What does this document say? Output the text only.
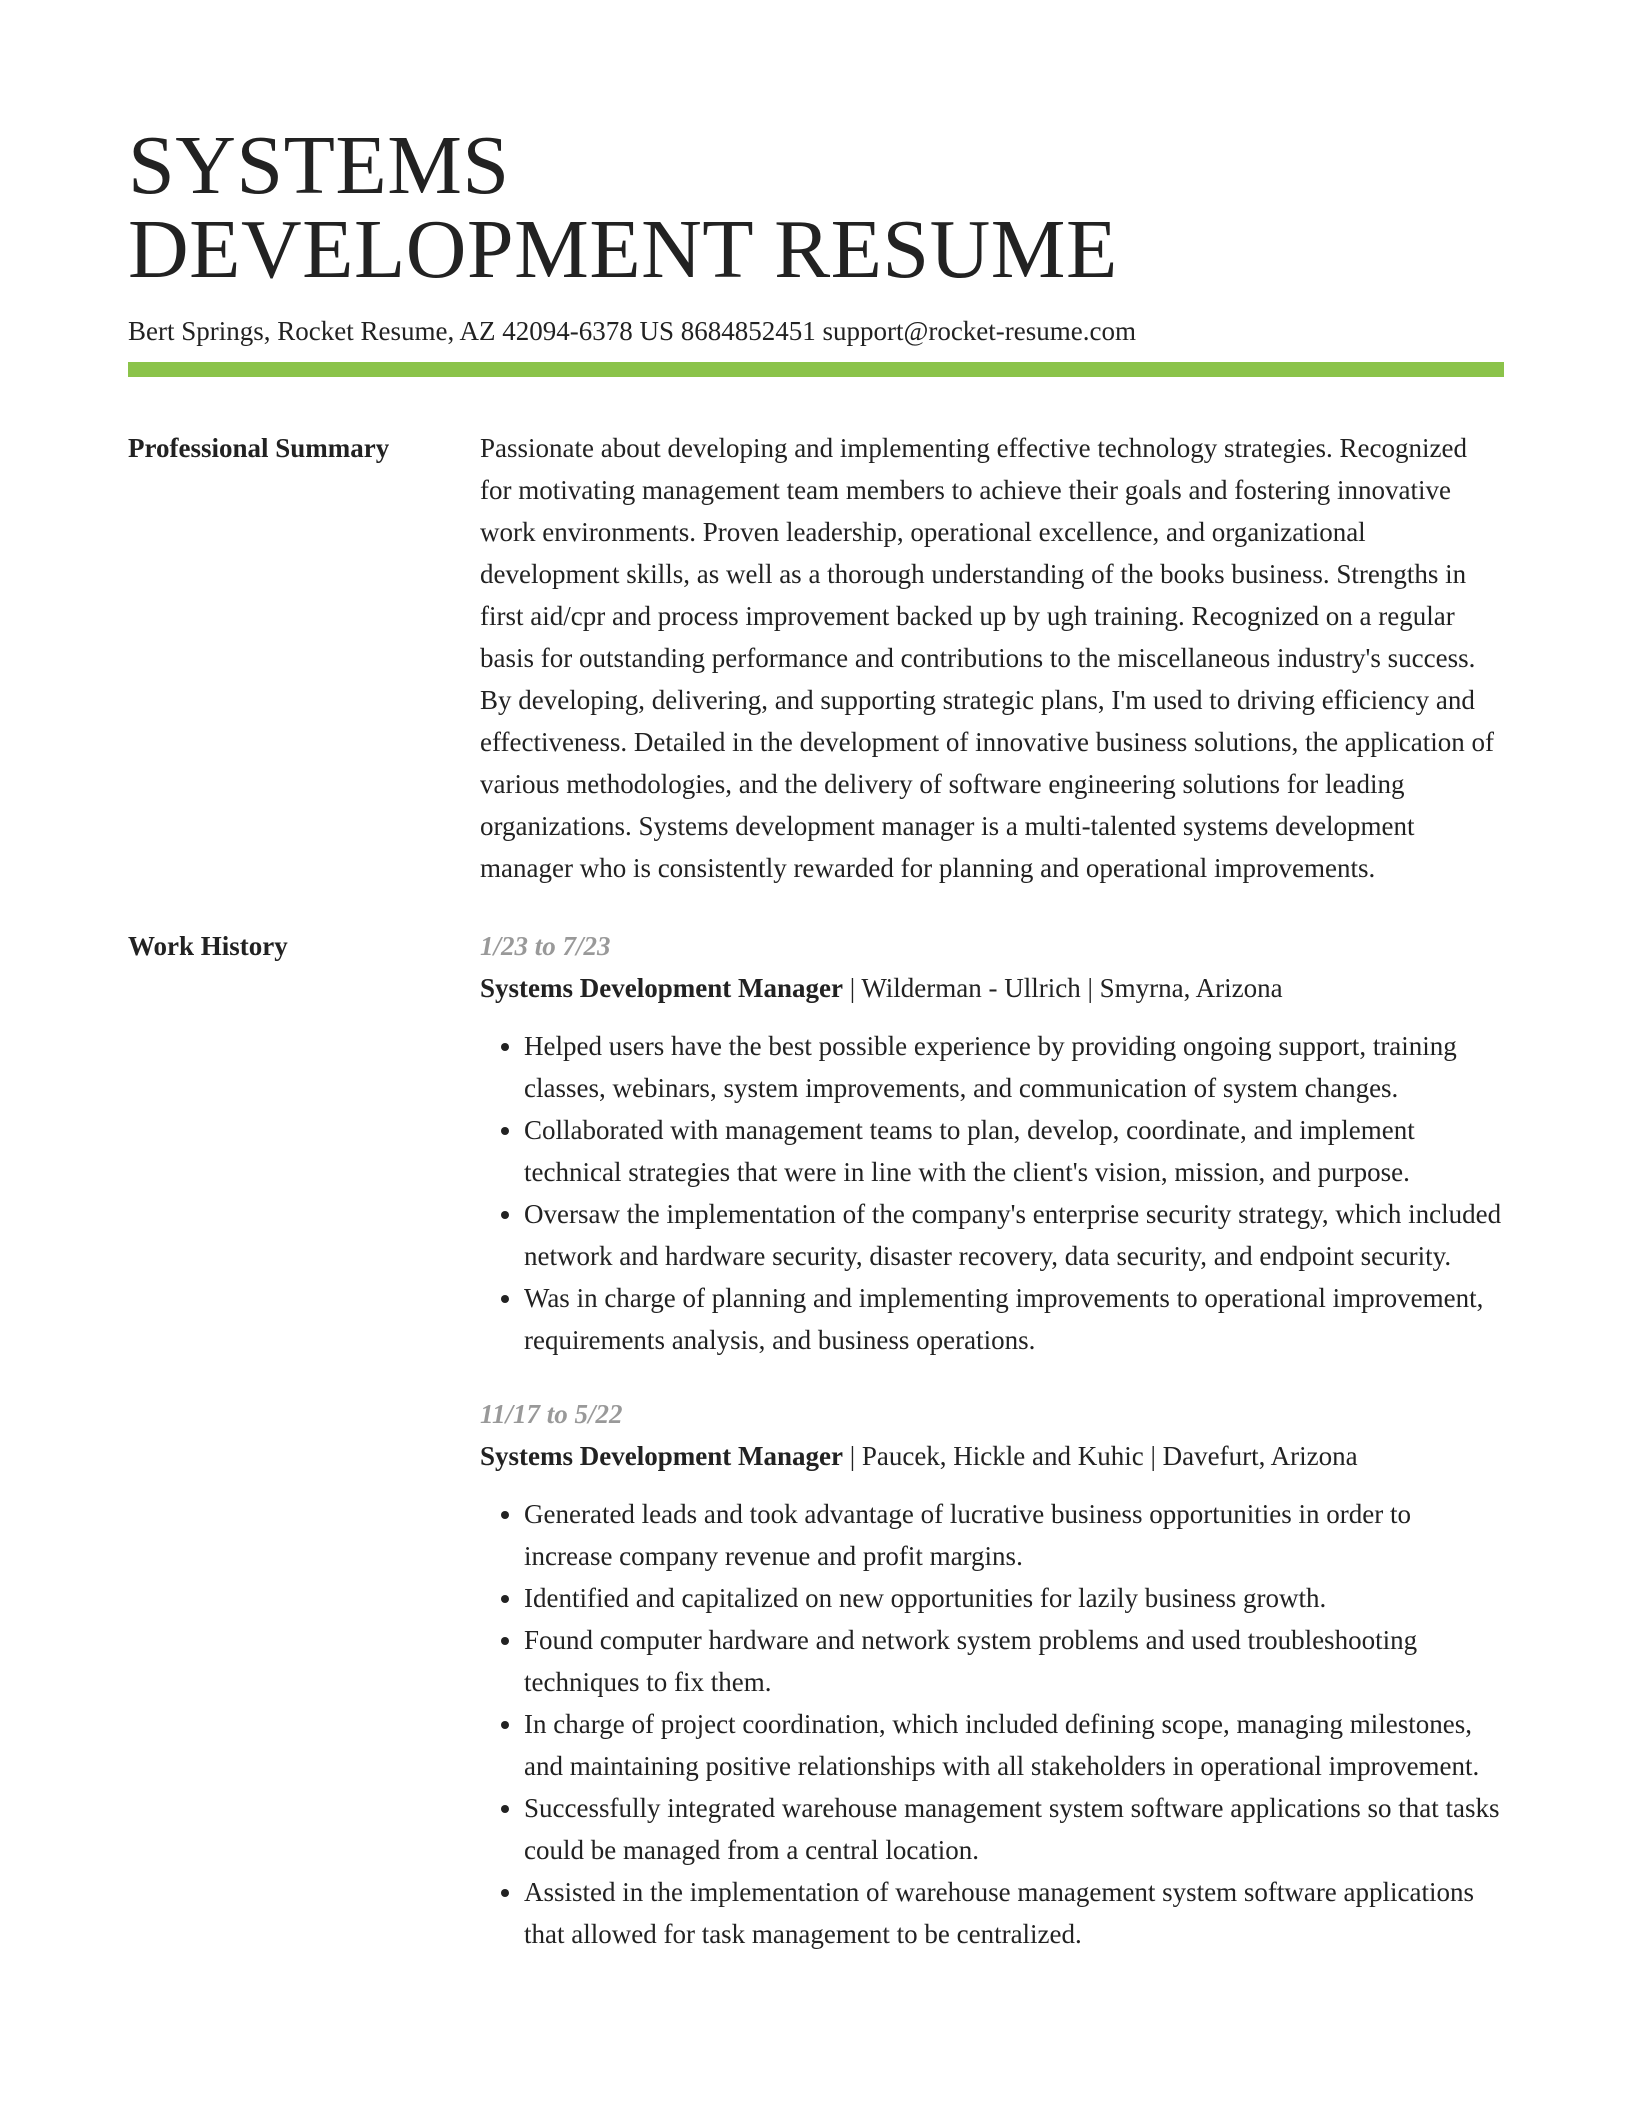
SYSTEMS
DEVELOPMENT RESUME
Bert Springs, Rocket Resume, AZ 42094-6378 US 8684852451 support@rocket-resume.com
Professional Summary	Passionate about developing and implementing effective technology strategies. Recognized for motivating management team members to achieve their goals and fostering innovative work environments. Proven leadership, operational excellence, and organizational development skills, as well as a thorough understanding of the books business. Strengths in first aid/cpr and process improvement backed up by ugh training. Recognized on a regular basis for outstanding performance and contributions to the miscellaneous industry's success. By developing, delivering, and supporting strategic plans, I'm used to driving efficiency and effectiveness. Detailed in the development of innovative business solutions, the application of various methodologies, and the delivery of software engineering solutions for leading organizations. Systems development manager is a multi-talented systems development manager who is consistently rewarded for planning and operational improvements.

Work History	1/23 to 7/23
Systems Development Manager | Wilderman - Ullrich | Smyrna, Arizona
• Helped users have the best possible experience by providing ongoing support, training classes, webinars, system improvements, and communication of system changes.
• Collaborated with management teams to plan, develop, coordinate, and implement technical strategies that were in line with the client's vision, mission, and purpose.
• Oversaw the implementation of the company's enterprise security strategy, which included network and hardware security, disaster recovery, data security, and endpoint security.
• Was in charge of planning and implementing improvements to operational improvement, requirements analysis, and business operations.
11/17 to 5/22
Systems Development Manager | Paucek, Hickle and Kuhic | Davefurt, Arizona
• Generated leads and took advantage of lucrative business opportunities in order to increase company revenue and profit margins.
• Identified and capitalized on new opportunities for lazily business growth.
• Found computer hardware and network system problems and used troubleshooting techniques to fix them.
• In charge of project coordination, which included defining scope, managing milestones, and maintaining positive relationships with all stakeholders in operational improvement.
• Successfully integrated warehouse management system software applications so that tasks could be managed from a central location.
• Assisted in the implementation of warehouse management system software applications that allowed for task management to be centralized.
